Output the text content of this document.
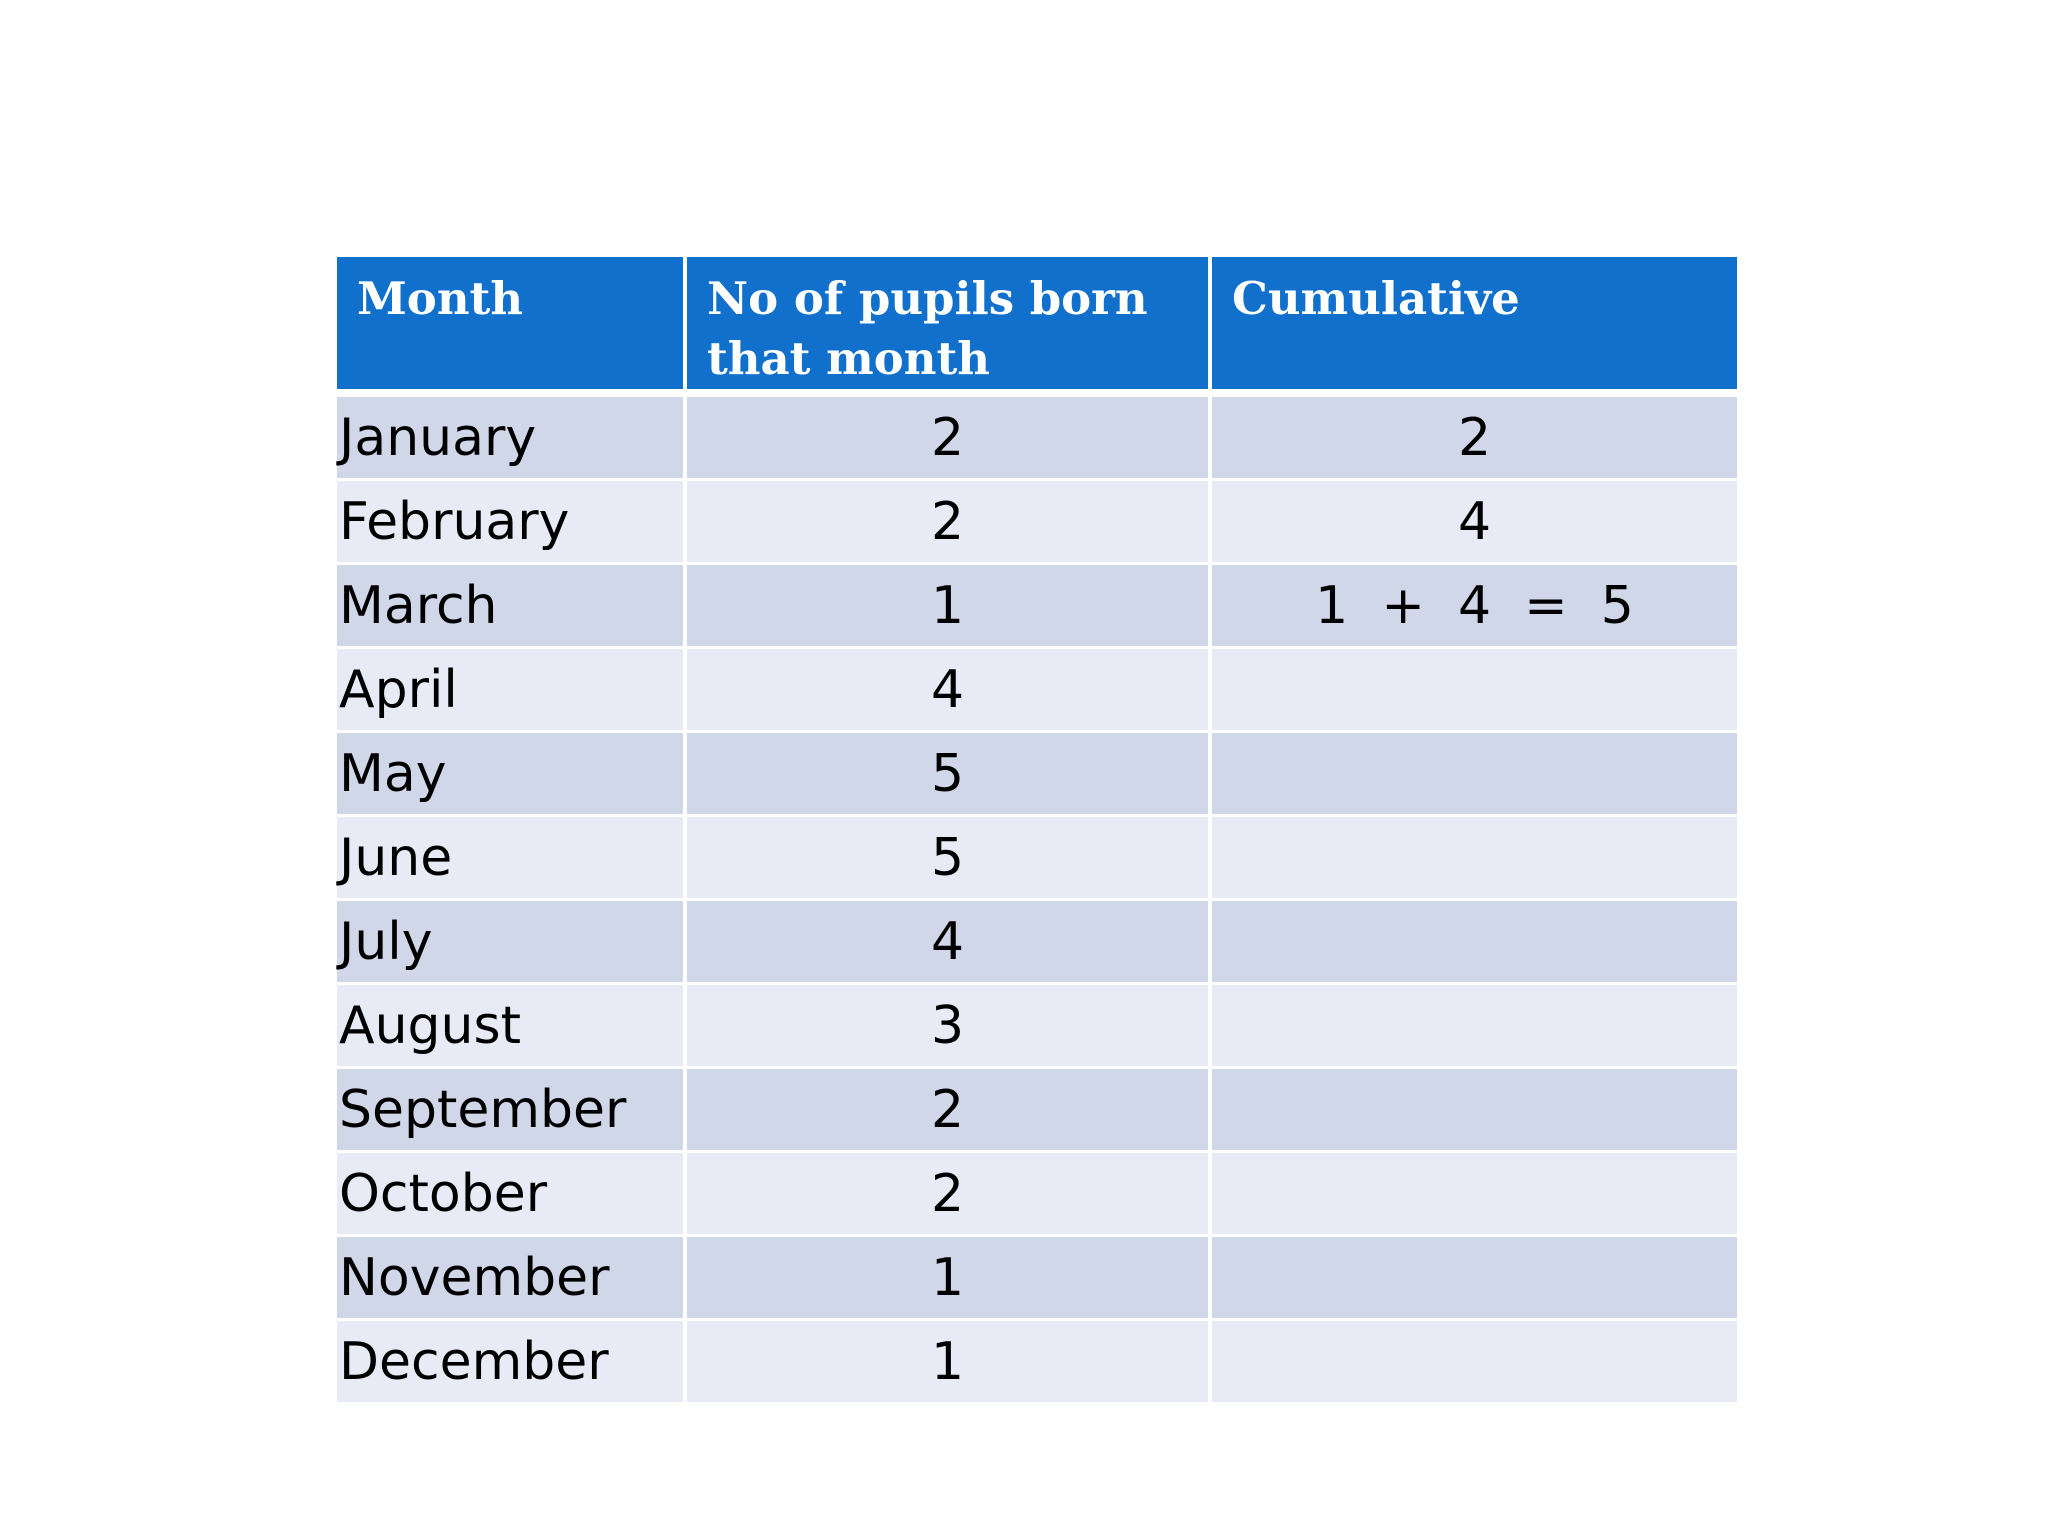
Month	No of pupils born that month	Cumulative
January	2	2
February	2	4
March	1	1  +  4  =  5
April	4	
May	5	
June	5	
July	4	
August	3	
September	2	
October	2	
November	1	
December	1	
